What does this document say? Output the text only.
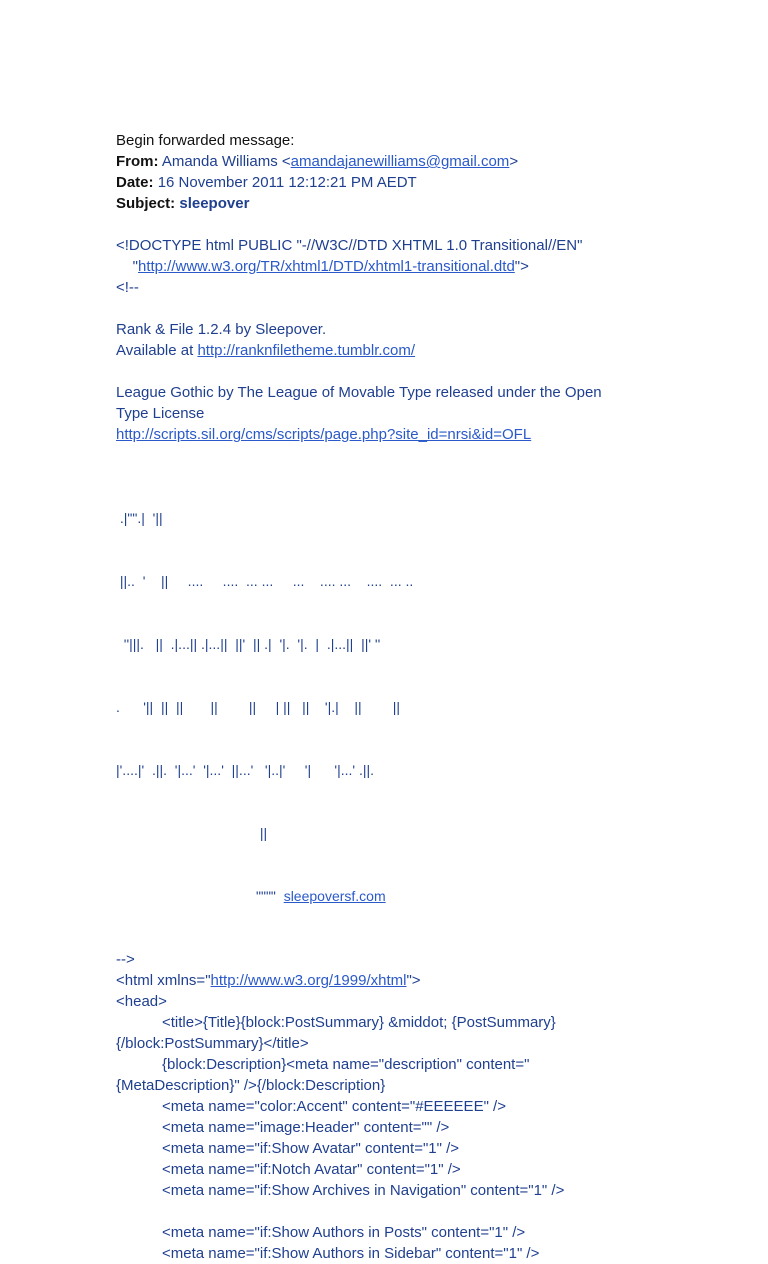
Begin forwarded message:
From: Amanda Williams <amandajanewilliams@gmail.com>
Date: 16 November 2011 12:12:21 PM AEDT
Subject: sleepover
<!DOCTYPE html PUBLIC "-//W3C//DTD XHTML 1.0 Transitional//EN"
"http://www.w3.org/TR/xhtml1/DTD/xhtml1-transitional.dtd">
<!--
Rank & File 1.2.4 by Sleepover.
Available at http://ranknfiletheme.tumblr.com/
League Gothic by The League of Movable Type released under the Open Type License
http://scripts.sil.org/cms/scripts/page.php?site_id=nrsi&id=OFL

.|"".|  '||

||..  '    ||     ....     ....  ... ...     ...    .... ...    ....  ... ..

''|||.   ||  .|...|| .|...||  ||'  || .|  '|.  '|.  |  .|...||  ||' ''

.      '||  ||  ||       ||        ||     | ||   ||    '|.|    ||        ||

|'....|'  .||.  '|...'  '|...'  ||...'   '|..|'     '|      '|...' .||.

||

"""" sleepoversf.com

-->
<html xmlns="http://www.w3.org/1999/xhtml">
<head>
<title>{Title}{block:PostSummary} &middot; {PostSummary}{/block:PostSummary}</title>
{block:Description}<meta name="description" content="{MetaDescription}" />{/block:Description}
<meta name="color:Accent" content="#EEEEEE" />
<meta name="image:Header" content="" />
<meta name="if:Show Avatar" content="1" />
<meta name="if:Notch Avatar" content="1" />
<meta name="if:Show Archives in Navigation" content="1" />
<meta name="if:Show Authors in Posts" content="1" />
<meta name="if:Show Authors in Sidebar" content="1" />
